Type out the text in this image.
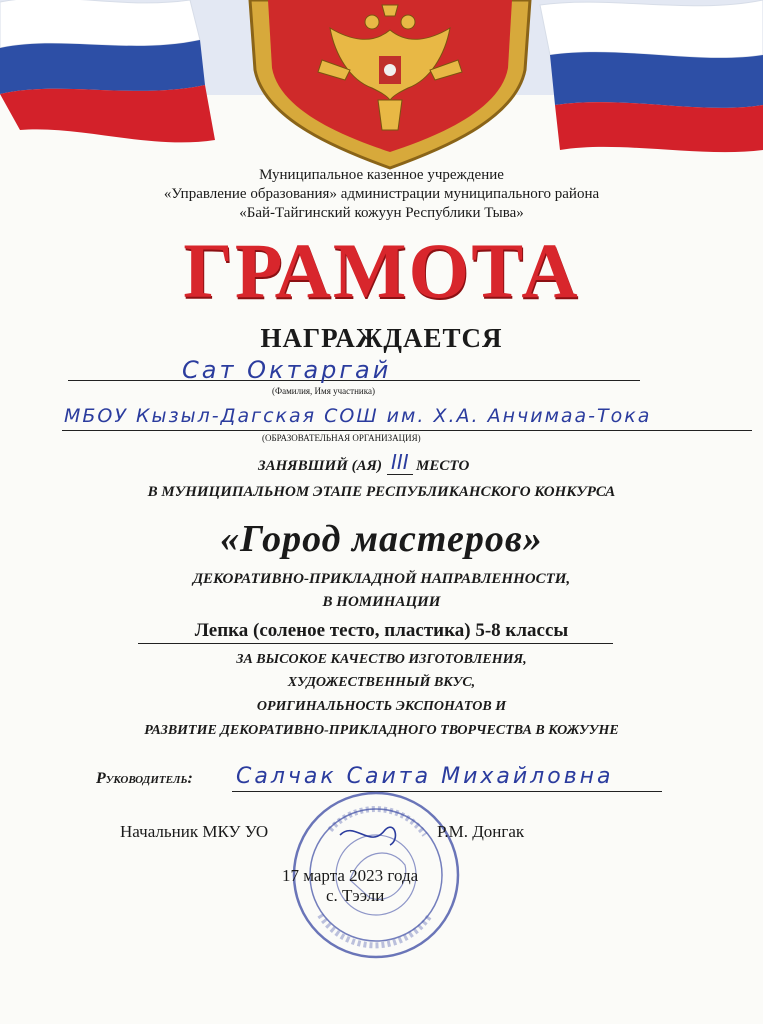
Муниципальное казенное учреждение
«Управление образования» администрации муниципального района
«Бай-Тайгинский кожуун Республики Тыва»
ГРАМОТА
НАГРАЖДАЕТСЯ
Сат Октаргай
(Фамилия, Имя участника)
МБОУ Кызыл-Дагская СОШ им. Х.А. Анчимаа-Тока
(ОБРАЗОВАТЕЛЬНАЯ ОРГАНИЗАЦИЯ)
ЗАНЯВШИЙ (АЯ) III МЕСТО
В МУНИЦИПАЛЬНОМ ЭТАПЕ РЕСПУБЛИКАНСКОГО КОНКУРСА
«Город мастеров»
ДЕКОРАТИВНО-ПРИКЛАДНОЙ НАПРАВЛЕННОСТИ,
В НОМИНАЦИИ
Лепка (соленое тесто, пластика) 5-8 классы
ЗА ВЫСОКОЕ КАЧЕСТВО ИЗГОТОВЛЕНИЯ,
ХУДОЖЕСТВЕННЫЙ ВКУС,
ОРИГИНАЛЬНОСТЬ ЭКСПОНАТОВ И
РАЗВИТИЕ ДЕКОРАТИВНО-ПРИКЛАДНОГО ТВОРЧЕСТВА В КОЖУУНЕ
Руководитель: Салчак Саита Михайловна
Начальник МКУ УО	Р.М. Донгак
17 марта 2023 года
с. Тээли
